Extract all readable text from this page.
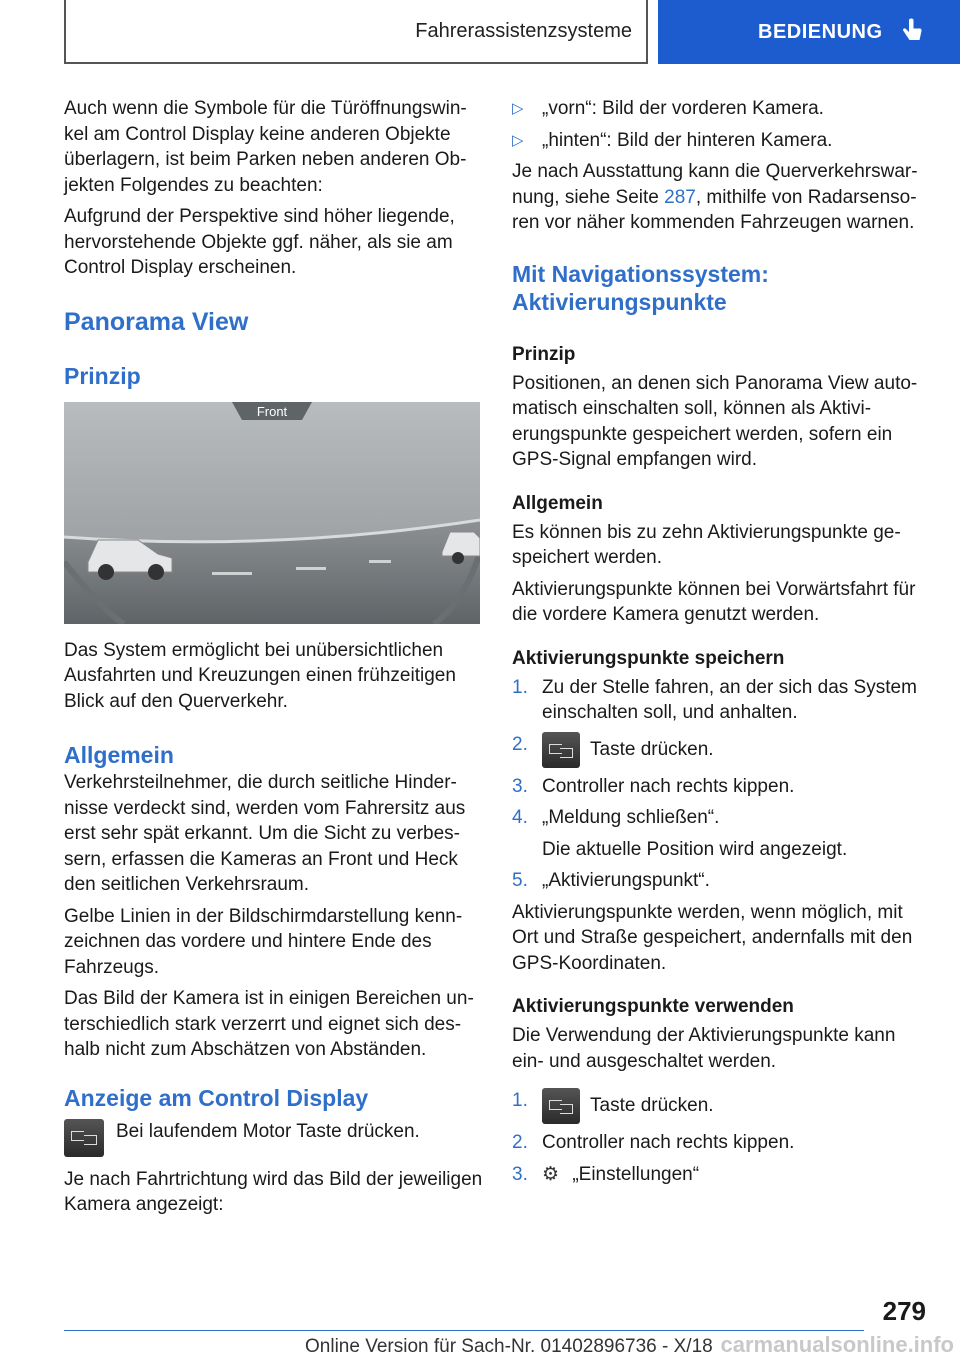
Fahrerassistenzsysteme	BEDIENUNG

Auch wenn die Symbole für die Türöffnungswinkel am Control Display keine anderen Objekte überlagern, ist beim Parken neben anderen Objekten Folgendes zu beachten:

Aufgrund der Perspektive sind höher liegende, hervorstehende Objekte ggf. näher, als sie am Control Display erscheinen.

Panorama View
Prinzip
Front

Das System ermöglicht bei unübersichtlichen Ausfahrten und Kreuzungen einen frühzeitigen Blick auf den Querverkehr.

Allgemein

Verkehrsteilnehmer, die durch seitliche Hindernisse verdeckt sind, werden vom Fahrersitz aus erst sehr spät erkannt. Um die Sicht zu verbessern, erfassen die Kameras an Front und Heck den seitlichen Verkehrsraum.

Gelbe Linien in der Bildschirmdarstellung kennzeichnen das vordere und hintere Ende des Fahrzeugs.

Das Bild der Kamera ist in einigen Bereichen unterschiedlich stark verzerrt und eignet sich deshalb nicht zum Abschätzen von Abständen.

Anzeige am Control Display

Bei laufendem Motor Taste drücken.

Je nach Fahrtrichtung wird das Bild der jeweiligen Kamera angezeigt:

▷ „vorn“: Bild der vorderen Kamera.
▷ „hinten“: Bild der hinteren Kamera.

Je nach Ausstattung kann die Querverkehrswarnung, siehe Seite 287, mithilfe von Radarsensoren vor näher kommenden Fahrzeugen warnen.

Mit Navigationssystem: Aktivierungspunkte
Prinzip

Positionen, an denen sich Panorama View automatisch einschalten soll, können als Aktivierungspunkte gespeichert werden, sofern ein GPS-Signal empfangen wird.

Allgemein

Es können bis zu zehn Aktivierungspunkte gespeichert werden.

Aktivierungspunkte können bei Vorwärtsfahrt für die vordere Kamera genutzt werden.

Aktivierungspunkte speichern
1. Zu der Stelle fahren, an der sich das System einschalten soll, und anhalten.
2.	Taste drücken.
3. Controller nach rechts kippen.
4. „Meldung schließen“.
Die aktuelle Position wird angezeigt.
5. „Aktivierungspunkt“.

Aktivierungspunkte werden, wenn möglich, mit Ort und Straße gespeichert, andernfalls mit den GPS-Koordinaten.

Aktivierungspunkte verwenden

Die Verwendung der Aktivierungspunkte kann ein- und ausgeschaltet werden.

1.	Taste drücken.
2. Controller nach rechts kippen.
3. ⚙ „Einstellungen“
279
Online Version für Sach-Nr. 01402896736 - X/18 carmanualsonline.info
